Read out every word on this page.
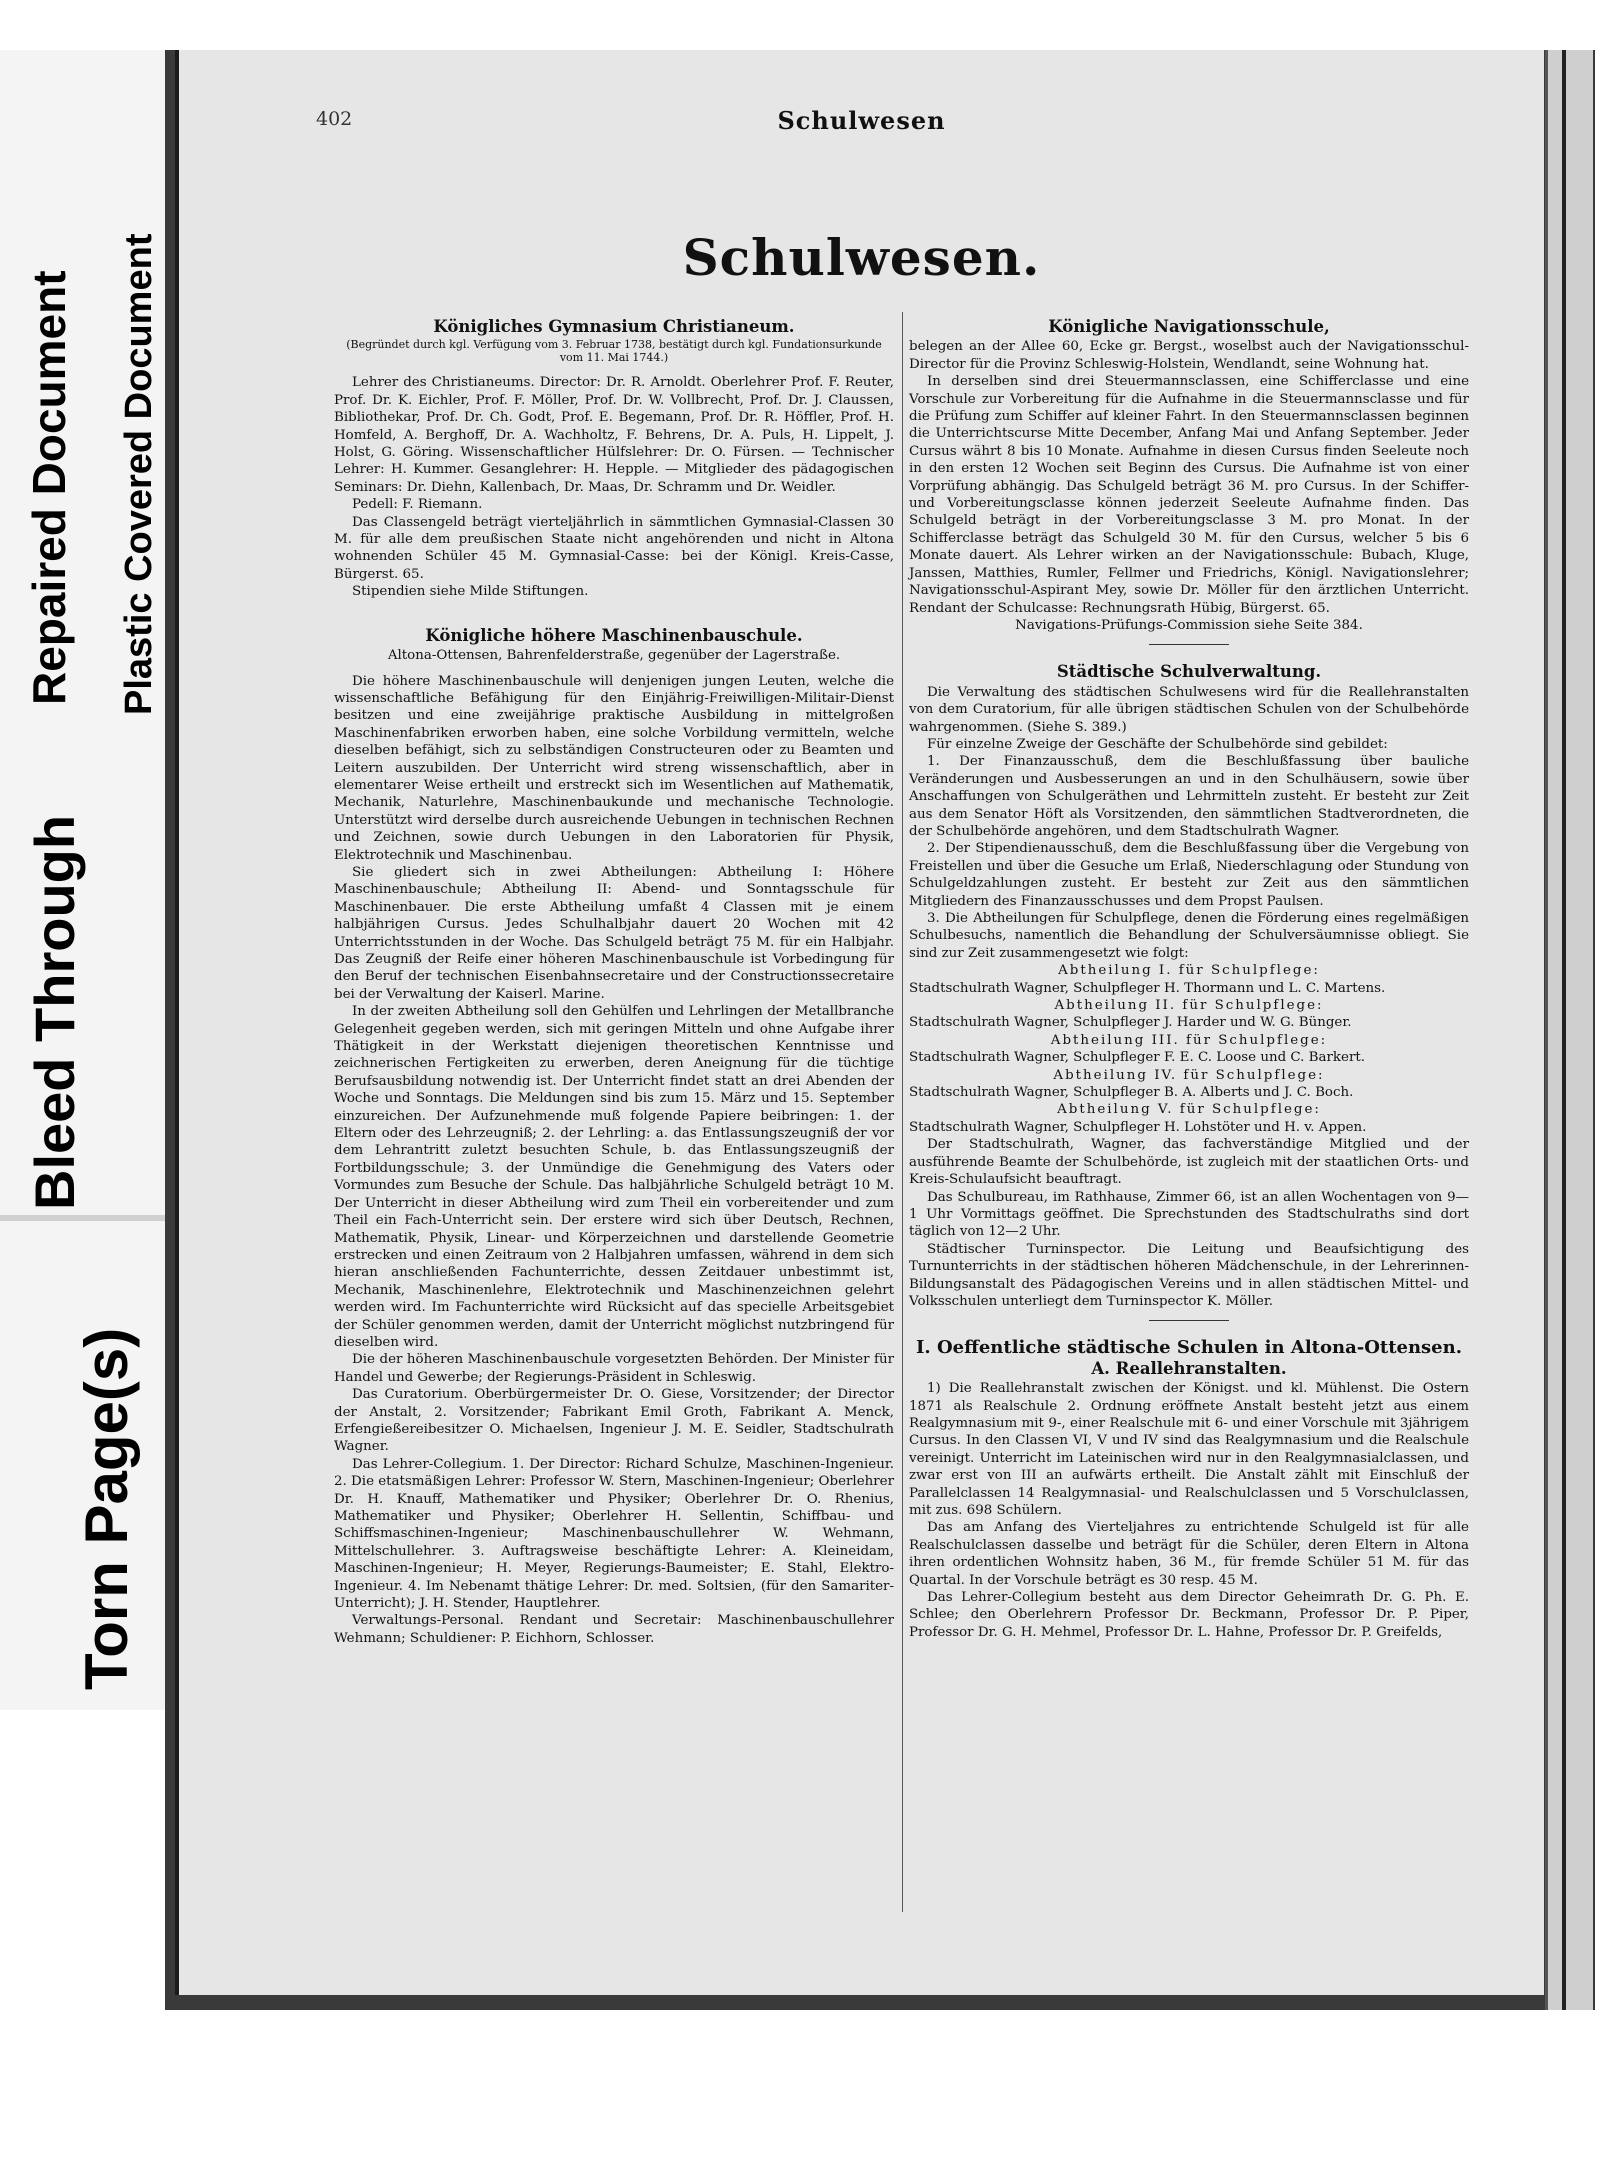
Repaired Document
Bleed Through
Plastic Covered Document
Torn Page(s)
402	Schulwesen
Schulwesen.
Königliches Gymnasium Christianeum.
(Begründet durch kgl. Verfügung vom 3. Februar 1738, bestätigt durch kgl. Fundationsurkunde vom 11. Mai 1744.)

Lehrer des Christianeums. Director: Dr. R. Arnoldt. Oberlehrer Prof. F. Reuter, Prof. Dr. K. Eichler, Prof. F. Möller, Prof. Dr. W. Vollbrecht, Prof. Dr. J. Claussen, Bibliothekar, Prof. Dr. Ch. Godt, Prof. E. Begemann, Prof. Dr. R. Höffler, Prof. H. Homfeld, A. Berghoff, Dr. A. Wachholtz, F. Behrens, Dr. A. Puls, H. Lippelt, J. Holst, G. Göring. Wissenschaftlicher Hülfslehrer: Dr. O. Fürsen. — Technischer Lehrer: H. Kummer. Gesanglehrer: H. Hepple. — Mitglieder des pädagogischen Seminars: Dr. Diehn, Kallenbach, Dr. Maas, Dr. Schramm und Dr. Weidler.

Pedell: F. Riemann.

Das Classengeld beträgt vierteljährlich in sämmtlichen Gymnasial-Classen 30 M. für alle dem preußischen Staate nicht angehörenden und nicht in Altona wohnenden Schüler 45 M. Gymnasial-Casse: bei der Königl. Kreis-Casse, Bürgerst. 65.

Stipendien siehe Milde Stiftungen.

Königliche höhere Maschinenbauschule.
Altona-Ottensen, Bahrenfelderstraße, gegenüber der Lagerstraße.

Die höhere Maschinenbauschule will denjenigen jungen Leuten, welche die wissenschaftliche Befähigung für den Einjährig-Freiwilligen-Militair-Dienst besitzen und eine zweijährige praktische Ausbildung in mittelgroßen Maschinenfabriken erworben haben, eine solche Vorbildung vermitteln, welche dieselben befähigt, sich zu selbständigen Constructeuren oder zu Beamten und Leitern auszubilden. Der Unterricht wird streng wissenschaftlich, aber in elementarer Weise ertheilt und erstreckt sich im Wesentlichen auf Mathematik, Mechanik, Naturlehre, Maschinenbaukunde und mechanische Technologie. Unterstützt wird derselbe durch ausreichende Uebungen in technischen Rechnen und Zeichnen, sowie durch Uebungen in den Laboratorien für Physik, Elektrotechnik und Maschinenbau.

Sie gliedert sich in zwei Abtheilungen: Abtheilung I: Höhere Maschinenbauschule; Abtheilung II: Abend- und Sonntagsschule für Maschinenbauer. Die erste Abtheilung umfaßt 4 Classen mit je einem halbjährigen Cursus. Jedes Schulhalbjahr dauert 20 Wochen mit 42 Unterrichtsstunden in der Woche. Das Schulgeld beträgt 75 M. für ein Halbjahr. Das Zeugniß der Reife einer höheren Maschinenbauschule ist Vorbedingung für den Beruf der technischen Eisenbahnsecretaire und der Constructionssecretaire bei der Verwaltung der Kaiserl. Marine.

In der zweiten Abtheilung soll den Gehülfen und Lehrlingen der Metallbranche Gelegenheit gegeben werden, sich mit geringen Mitteln und ohne Aufgabe ihrer Thätigkeit in der Werkstatt diejenigen theoretischen Kenntnisse und zeichnerischen Fertigkeiten zu erwerben, deren Aneignung für die tüchtige Berufsausbildung notwendig ist. Der Unterricht findet statt an drei Abenden der Woche und Sonntags. Die Meldungen sind bis zum 15. März und 15. September einzureichen. Der Aufzunehmende muß folgende Papiere beibringen: 1. der Eltern oder des Lehrzeugniß; 2. der Lehrling: a. das Entlassungszeugniß der vor dem Lehrantritt zuletzt besuchten Schule, b. das Entlassungszeugniß der Fortbildungsschule; 3. der Unmündige die Genehmigung des Vaters oder Vormundes zum Besuche der Schule. Das halbjährliche Schulgeld beträgt 10 M. Der Unterricht in dieser Abtheilung wird zum Theil ein vorbereitender und zum Theil ein Fach-Unterricht sein. Der erstere wird sich über Deutsch, Rechnen, Mathematik, Physik, Linear- und Körperzeichnen und darstellende Geometrie erstrecken und einen Zeitraum von 2 Halbjahren umfassen, während in dem sich hieran anschließenden Fachunterrichte, dessen Zeitdauer unbestimmt ist, Mechanik, Maschinenlehre, Elektrotechnik und Maschinenzeichnen gelehrt werden wird. Im Fachunterrichte wird Rücksicht auf das specielle Arbeitsgebiet der Schüler genommen werden, damit der Unterricht möglichst nutzbringend für dieselben wird.

Die der höheren Maschinenbauschule vorgesetzten Behörden. Der Minister für Handel und Gewerbe; der Regierungs-Präsident in Schleswig.

Das Curatorium. Oberbürgermeister Dr. O. Giese, Vorsitzender; der Director der Anstalt, 2. Vorsitzender; Fabrikant Emil Groth, Fabrikant A. Menck, Erfengießereibesitzer O. Michaelsen, Ingenieur J. M. E. Seidler, Stadtschulrath Wagner.

Das Lehrer-Collegium. 1. Der Director: Richard Schulze, Maschinen-Ingenieur. 2. Die etatsmäßigen Lehrer: Professor W. Stern, Maschinen-Ingenieur; Oberlehrer Dr. H. Knauff, Mathematiker und Physiker; Oberlehrer Dr. O. Rhenius, Mathematiker und Physiker; Oberlehrer H. Sellentin, Schiffbau- und Schiffsmaschinen-Ingenieur; Maschinenbauschullehrer W. Wehmann, Mittelschullehrer. 3. Auftragsweise beschäftigte Lehrer: A. Kleineidam, Maschinen-Ingenieur; H. Meyer, Regierungs-Baumeister; E. Stahl, Elektro-Ingenieur. 4. Im Nebenamt thätige Lehrer: Dr. med. Soltsien, (für den Samariter-Unterricht); J. H. Stender, Hauptlehrer.

Verwaltungs-Personal. Rendant und Secretair: Maschinenbauschullehrer Wehmann; Schuldiener: P. Eichhorn, Schlosser.

Königliche Navigationsschule,

belegen an der Allee 60, Ecke gr. Bergst., woselbst auch der Navigationsschul-Director für die Provinz Schleswig-Holstein, Wendlandt, seine Wohnung hat.

In derselben sind drei Steuermannsclassen, eine Schifferclasse und eine Vorschule zur Vorbereitung für die Aufnahme in die Steuermannsclasse und für die Prüfung zum Schiffer auf kleiner Fahrt. In den Steuermannsclassen beginnen die Unterrichtscurse Mitte December, Anfang Mai und Anfang September. Jeder Cursus währt 8 bis 10 Monate. Aufnahme in diesen Cursus finden Seeleute noch in den ersten 12 Wochen seit Beginn des Cursus. Die Aufnahme ist von einer Vorprüfung abhängig. Das Schulgeld beträgt 36 M. pro Cursus. In der Schiffer- und Vorbereitungsclasse können jederzeit Seeleute Aufnahme finden. Das Schulgeld beträgt in der Vorbereitungsclasse 3 M. pro Monat. In der Schifferclasse beträgt das Schulgeld 30 M. für den Cursus, welcher 5 bis 6 Monate dauert. Als Lehrer wirken an der Navigationsschule: Bubach, Kluge, Janssen, Matthies, Rumler, Fellmer und Friedrichs, Königl. Navigationslehrer; Navigationsschul-Aspirant Mey, sowie Dr. Möller für den ärztlichen Unterricht. Rendant der Schulcasse: Rechnungsrath Hübig, Bürgerst. 65.

Navigations-Prüfungs-Commission siehe Seite 384.

Städtische Schulverwaltung.

Die Verwaltung des städtischen Schulwesens wird für die Reallehranstalten von dem Curatorium, für alle übrigen städtischen Schulen von der Schulbehörde wahrgenommen. (Siehe S. 389.)

Für einzelne Zweige der Geschäfte der Schulbehörde sind gebildet:

1. Der Finanzausschuß, dem die Beschlußfassung über bauliche Veränderungen und Ausbesserungen an und in den Schulhäusern, sowie über Anschaffungen von Schulgeräthen und Lehrmitteln zusteht. Er besteht zur Zeit aus dem Senator Höft als Vorsitzenden, den sämmtlichen Stadtverordneten, die der Schulbehörde angehören, und dem Stadtschulrath Wagner.

2. Der Stipendienausschuß, dem die Beschlußfassung über die Vergebung von Freistellen und über die Gesuche um Erlaß, Niederschlagung oder Stundung von Schulgeldzahlungen zusteht. Er besteht zur Zeit aus den sämmtlichen Mitgliedern des Finanzausschusses und dem Propst Paulsen.

3. Die Abtheilungen für Schulpflege, denen die Förderung eines regelmäßigen Schulbesuchs, namentlich die Behandlung der Schulversäumnisse obliegt. Sie sind zur Zeit zusammengesetzt wie folgt:

Abtheilung I. für Schulpflege:

Stadtschulrath Wagner, Schulpfleger H. Thormann und L. C. Martens.

Abtheilung II. für Schulpflege:

Stadtschulrath Wagner, Schulpfleger J. Harder und W. G. Bünger.

Abtheilung III. für Schulpflege:

Stadtschulrath Wagner, Schulpfleger F. E. C. Loose und C. Barkert.

Abtheilung IV. für Schulpflege:

Stadtschulrath Wagner, Schulpfleger B. A. Alberts und J. C. Boch.

Abtheilung V. für Schulpflege:

Stadtschulrath Wagner, Schulpfleger H. Lohstöter und H. v. Appen.

Der Stadtschulrath, Wagner, das fachverständige Mitglied und der ausführende Beamte der Schulbehörde, ist zugleich mit der staatlichen Orts- und Kreis-Schulaufsicht beauftragt.

Das Schulbureau, im Rathhause, Zimmer 66, ist an allen Wochentagen von 9—1 Uhr Vormittags geöffnet. Die Sprechstunden des Stadtschulraths sind dort täglich von 12—2 Uhr.

Städtischer Turninspector. Die Leitung und Beaufsichtigung des Turnunterrichts in der städtischen höheren Mädchenschule, in der Lehrerinnen-Bildungsanstalt des Pädagogischen Vereins und in allen städtischen Mittel- und Volksschulen unterliegt dem Turninspector K. Möller.

I. Oeffentliche städtische Schulen in Altona-Ottensen.
A. Reallehranstalten.

1) Die Reallehranstalt zwischen der Königst. und kl. Mühlenst. Die Ostern 1871 als Realschule 2. Ordnung eröffnete Anstalt besteht jetzt aus einem Realgymnasium mit 9-, einer Realschule mit 6- und einer Vorschule mit 3jährigem Cursus. In den Classen VI, V und IV sind das Realgymnasium und die Realschule vereinigt. Unterricht im Lateinischen wird nur in den Realgymnasialclassen, und zwar erst von III an aufwärts ertheilt. Die Anstalt zählt mit Einschluß der Parallelclassen 14 Realgymnasial- und Realschulclassen und 5 Vorschulclassen, mit zus. 698 Schülern.

Das am Anfang des Vierteljahres zu entrichtende Schulgeld ist für alle Realschulclassen dasselbe und beträgt für die Schüler, deren Eltern in Altona ihren ordentlichen Wohnsitz haben, 36 M., für fremde Schüler 51 M. für das Quartal. In der Vorschule beträgt es 30 resp. 45 M.

Das Lehrer-Collegium besteht aus dem Director Geheimrath Dr. G. Ph. E. Schlee; den Oberlehrern Professor Dr. Beckmann, Professor Dr. P. Piper, Professor Dr. G. H. Mehmel, Professor Dr. L. Hahne, Professor Dr. P. Greifelds,
